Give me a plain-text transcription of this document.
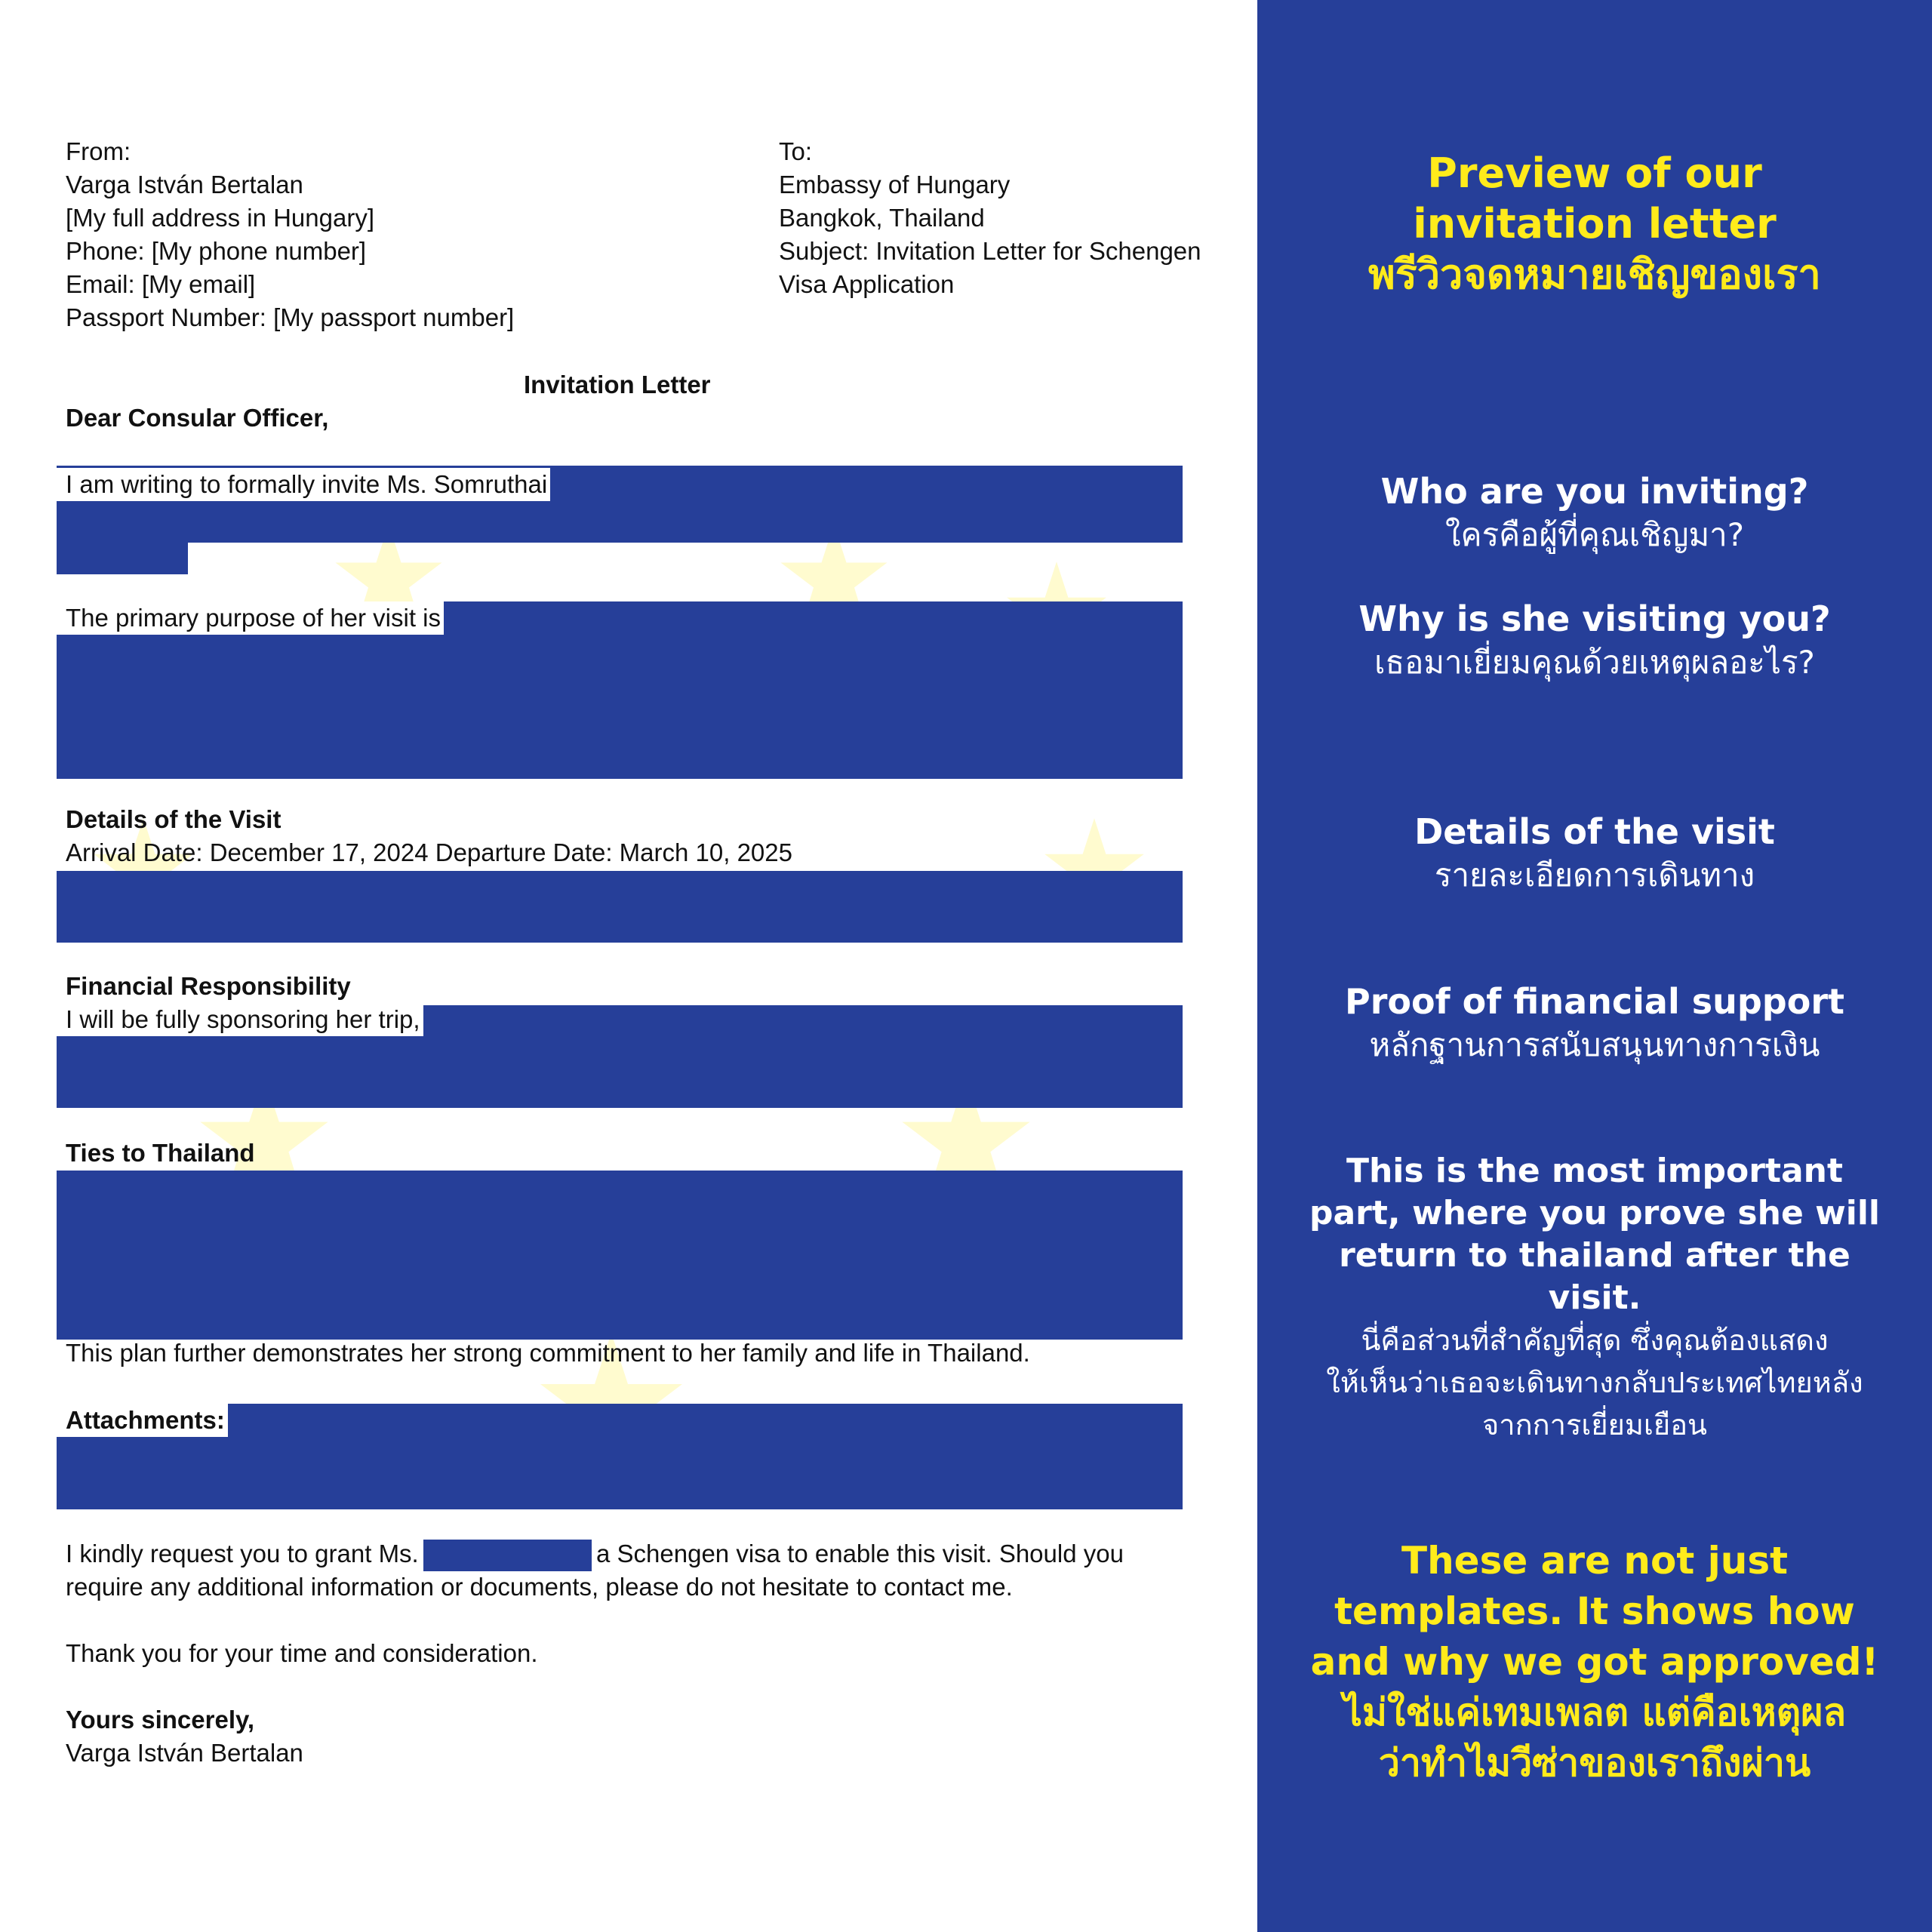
From:
Varga István Bertalan
[My full address in Hungary]
Phone: [My phone number]
Email: [My email]
Passport Number: [My passport number]
To:
Embassy of Hungary
Bangkok, Thailand
Subject: Invitation Letter for Schengen
Visa Application
Invitation Letter
Dear Consular Officer,
I am writing to formally invite Ms. Somruthai
The primary purpose of her visit is
Details of the Visit
Arrival Date: December 17, 2024 Departure Date: March 10, 2025
Financial Responsibility
I will be fully sponsoring her trip,
Ties to Thailand
This plan further demonstrates her strong commitment to her family and life in Thailand.
Attachments:
I kindly request you to grant Ms.	a Schengen visa to enable this visit. Should you
require any additional information or documents, please do not hesitate to contact me.
Thank you for your time and consideration.
Yours sincerely,
Varga István Bertalan
Preview of our
invitation letter
พรีวิวจดหมายเชิญของเรา
Who are you inviting?
ใครคือผู้ที่คุณเชิญมา?
Why is she visiting you?
เธอมาเยี่ยมคุณด้วยเหตุผลอะไร?
Details of the visit
รายละเอียดการเดินทาง
Proof of financial support
หลักฐานการสนับสนุนทางการเงิน
This is the most important
part, where you prove she will
return to thailand after the
visit.
นี่คือส่วนที่สำคัญที่สุด ซึ่งคุณต้องแสดง
ให้เห็นว่าเธอจะเดินทางกลับประเทศไทยหลัง
จากการเยี่ยมเยือน
These are not just
templates. It shows how
and why we got approved!
ไม่ใช่แค่เทมเพลต แต่คือเหตุผล
ว่าทำไมวีซ่าของเราถึงผ่าน
